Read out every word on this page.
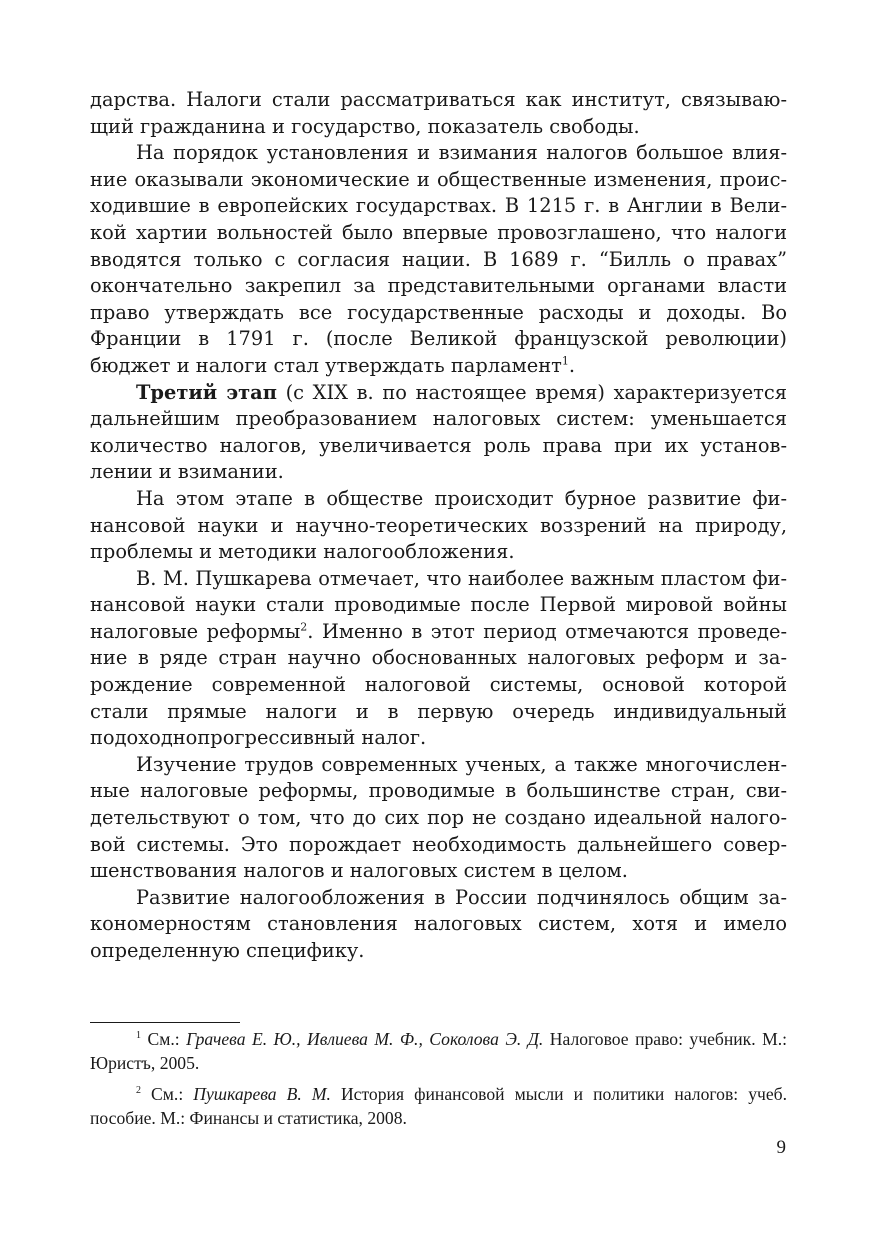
дарства. Налоги стали рассматриваться как институт, связывающий гражданина и государство, показатель свободы.

На порядок установления и взимания налогов большое влияние оказывали экономические и общественные изменения, происходившие в европейских государствах. В 1215 г. в Англии в Великой хартии вольностей было впервые провозглашено, что налоги вводятся только с согласия нации. В 1689 г. “Билль о правах” окончательно закрепил за представительными органами власти право утверждать все государственные расходы и доходы. Во Франции в 1791 г. (после Великой французской революции) бюджет и налоги стал утверждать парламент$^1$.

Третий этап (с XIX в. по настоящее время) характеризуется дальнейшим преобразованием налоговых систем: уменьшается количество налогов, увеличивается роль права при их установлении и взимании.

На этом этапе в обществе происходит бурное развитие финансовой науки и научно-теоретических воззрений на природу, проблемы и методики налогообложения.

В. М. Пушкарева отмечает, что наиболее важным пластом финансовой науки стали проводимые после Первой мировой войны налоговые реформы$^2$. Именно в этот период отмечаются проведение в ряде стран научно обоснованных налоговых реформ и зарождение современной налоговой системы, основой которой стали прямые налоги и в первую очередь индивидуальный подоходнопрогрессивный налог.

Изучение трудов современных ученых, а также многочисленные налоговые реформы, проводимые в большинстве стран, свидетельствуют о том, что до сих пор не создано идеальной налоговой системы. Это порождает необходимость дальнейшего совершенствования налогов и налоговых систем в целом.

Развитие налогообложения в России подчинялось общим закономерностям становления налоговых систем, хотя и имело определенную специфику.

$^1$ См.: Грачева Е. Ю., Ивлиева М. Ф., Соколова Э. Д. Налоговое право: учебник. М.: Юристъ, 2005.

$^2$ См.: Пушкарева В. М. История финансовой мысли и политики налогов: учеб. пособие. М.: Финансы и статистика, 2008.

9
